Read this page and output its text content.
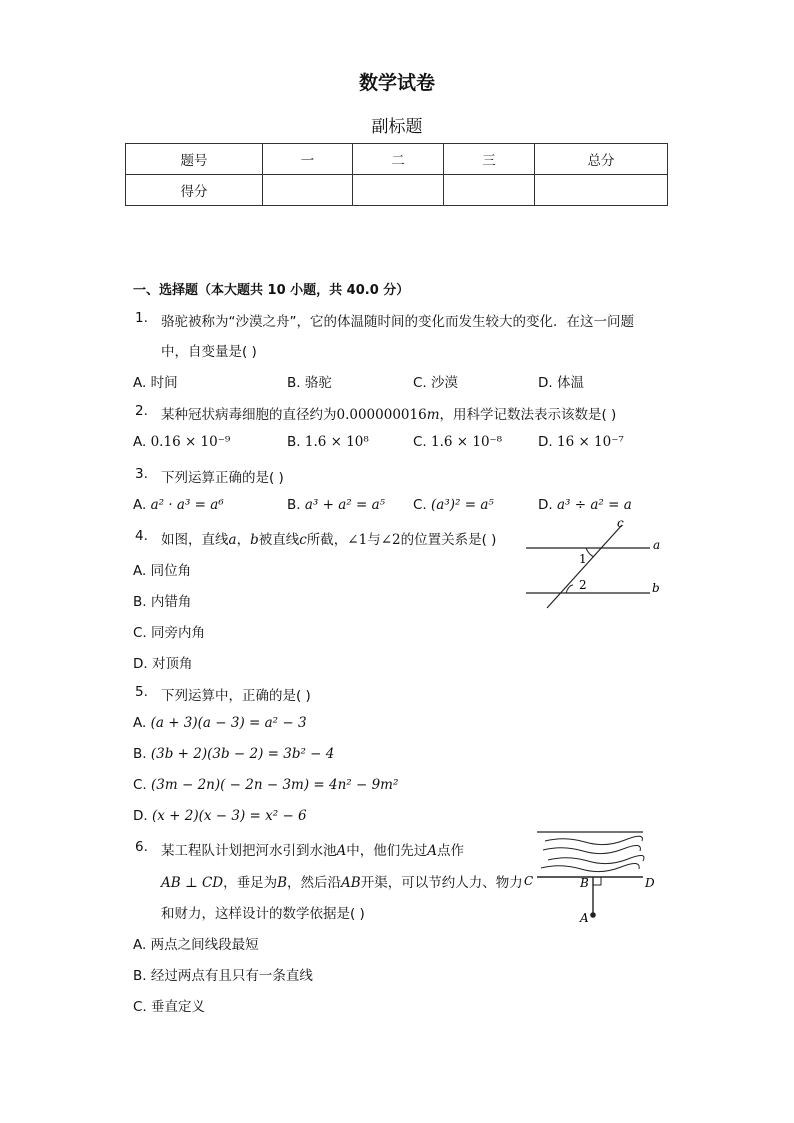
数学试卷
副标题
题号	一	二	三	总分
得分				
一、选择题（本大题共 10 小题，共 40.0 分）
1. 骆驼被称为“沙漠之舟”，它的体温随时间的变化而发生较大的变化．在这一问题
中，自变量是( )
A. 时间	B. 骆驼	C. 沙漠	D. 体温
2. 某种冠状病毒细胞的直径约为0.000000016m，用科学记数法表示该数是( )
A. 0.16 × 10⁻⁹	B. 1.6 × 10⁸	C. 1.6 × 10⁻⁸	D. 16 × 10⁻⁷
3. 下列运算正确的是( )
A. a² · a³ = a⁶	B. a³ + a² = a⁵ C. (a³)² = a⁵	D. a³ ÷ a² = a
4. 如图，直线a，b被直线c所截，∠1与∠2的位置关系是( )
A. 同位角
B. 内错角
C. 同旁内角
D. 对顶角
a
b
c
1
2
5. 下列运算中，正确的是( )
A. (a + 3)(a − 3) = a² − 3
B. (3b + 2)(3b − 2) = 3b² − 4
C. (3m − 2n)( − 2n − 3m) = 4n² − 9m²
D. (x + 2)(x − 3) = x² − 6
6. 某工程队计划把河水引到水池A中，他们先过A点作
AB ⊥ CD，垂足为B，然后沿AB开渠，可以节约人力、物力
和财力，这样设计的数学依据是( )
A. 两点之间线段最短
B. 经过两点有且只有一条直线
C. 垂直定义
C	B	D
A
